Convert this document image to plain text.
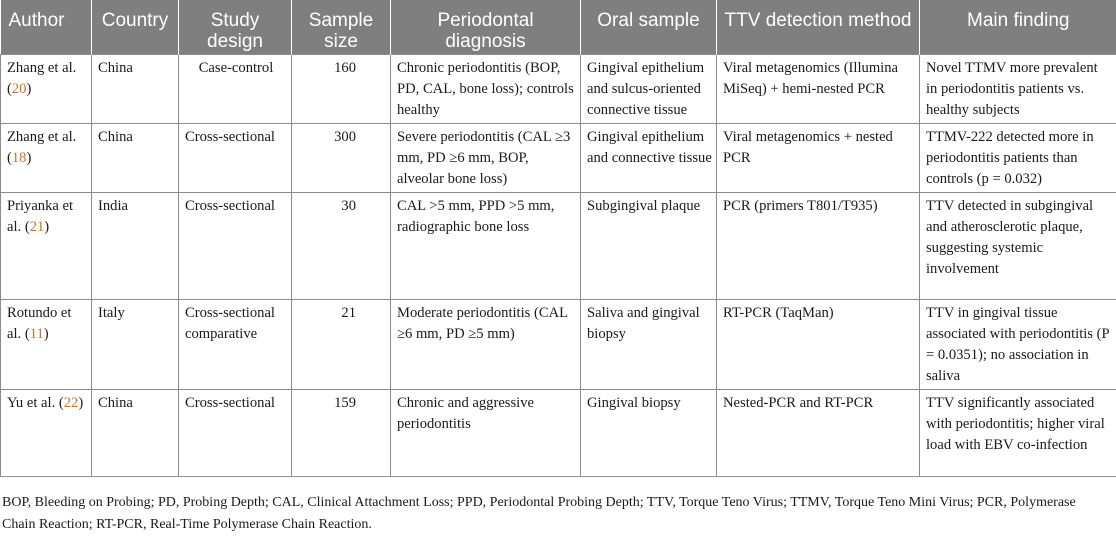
Author	Country	Study design	Sample size	Periodontal diagnosis	Oral sample	TTV detection method	Main finding
Zhang et al. (20)	China	Case-control	160	Chronic periodontitis (BOP, PD, CAL, bone loss); controls healthy	Gingival epithelium and sulcus-oriented connective tissue	Viral metagenomics (Illumina MiSeq) + hemi-nested PCR	Novel TTMV more prevalent in periodontitis patients vs. healthy subjects
Zhang et al. (18)	China	Cross-sectional	300	Severe periodontitis (CAL ≥3 mm, PD ≥6 mm, BOP, alveolar bone loss)	Gingival epithelium and connective tissue	Viral metagenomics + nested PCR	TTMV-222 detected more in periodontitis patients than controls (p = 0.032)
Priyanka et al. (21)	India	Cross-sectional	30	CAL >5 mm, PPD >5 mm, radiographic bone loss	Subgingival plaque	PCR (primers T801/T935)	TTV detected in subgingival and atherosclerotic plaque, suggesting systemic involvement
Rotundo et al. (11)	Italy	Cross-sectional comparative	21	Moderate periodontitis (CAL ≥6 mm, PD ≥5 mm)	Saliva and gingival biopsy	RT-PCR (TaqMan)	TTV in gingival tissue associated with periodontitis (P = 0.0351); no association in saliva
Yu et al. (22)	China	Cross-sectional	159	Chronic and aggressive periodontitis	Gingival biopsy	Nested-PCR and RT-PCR	TTV significantly associated with periodontitis; higher viral load with EBV co-infection
BOP, Bleeding on Probing; PD, Probing Depth; CAL, Clinical Attachment Loss; PPD, Periodontal Probing Depth; TTV, Torque Teno Virus; TTMV, Torque Teno Mini Virus; PCR, Polymerase Chain Reaction; RT-PCR, Real-Time Polymerase Chain Reaction.
